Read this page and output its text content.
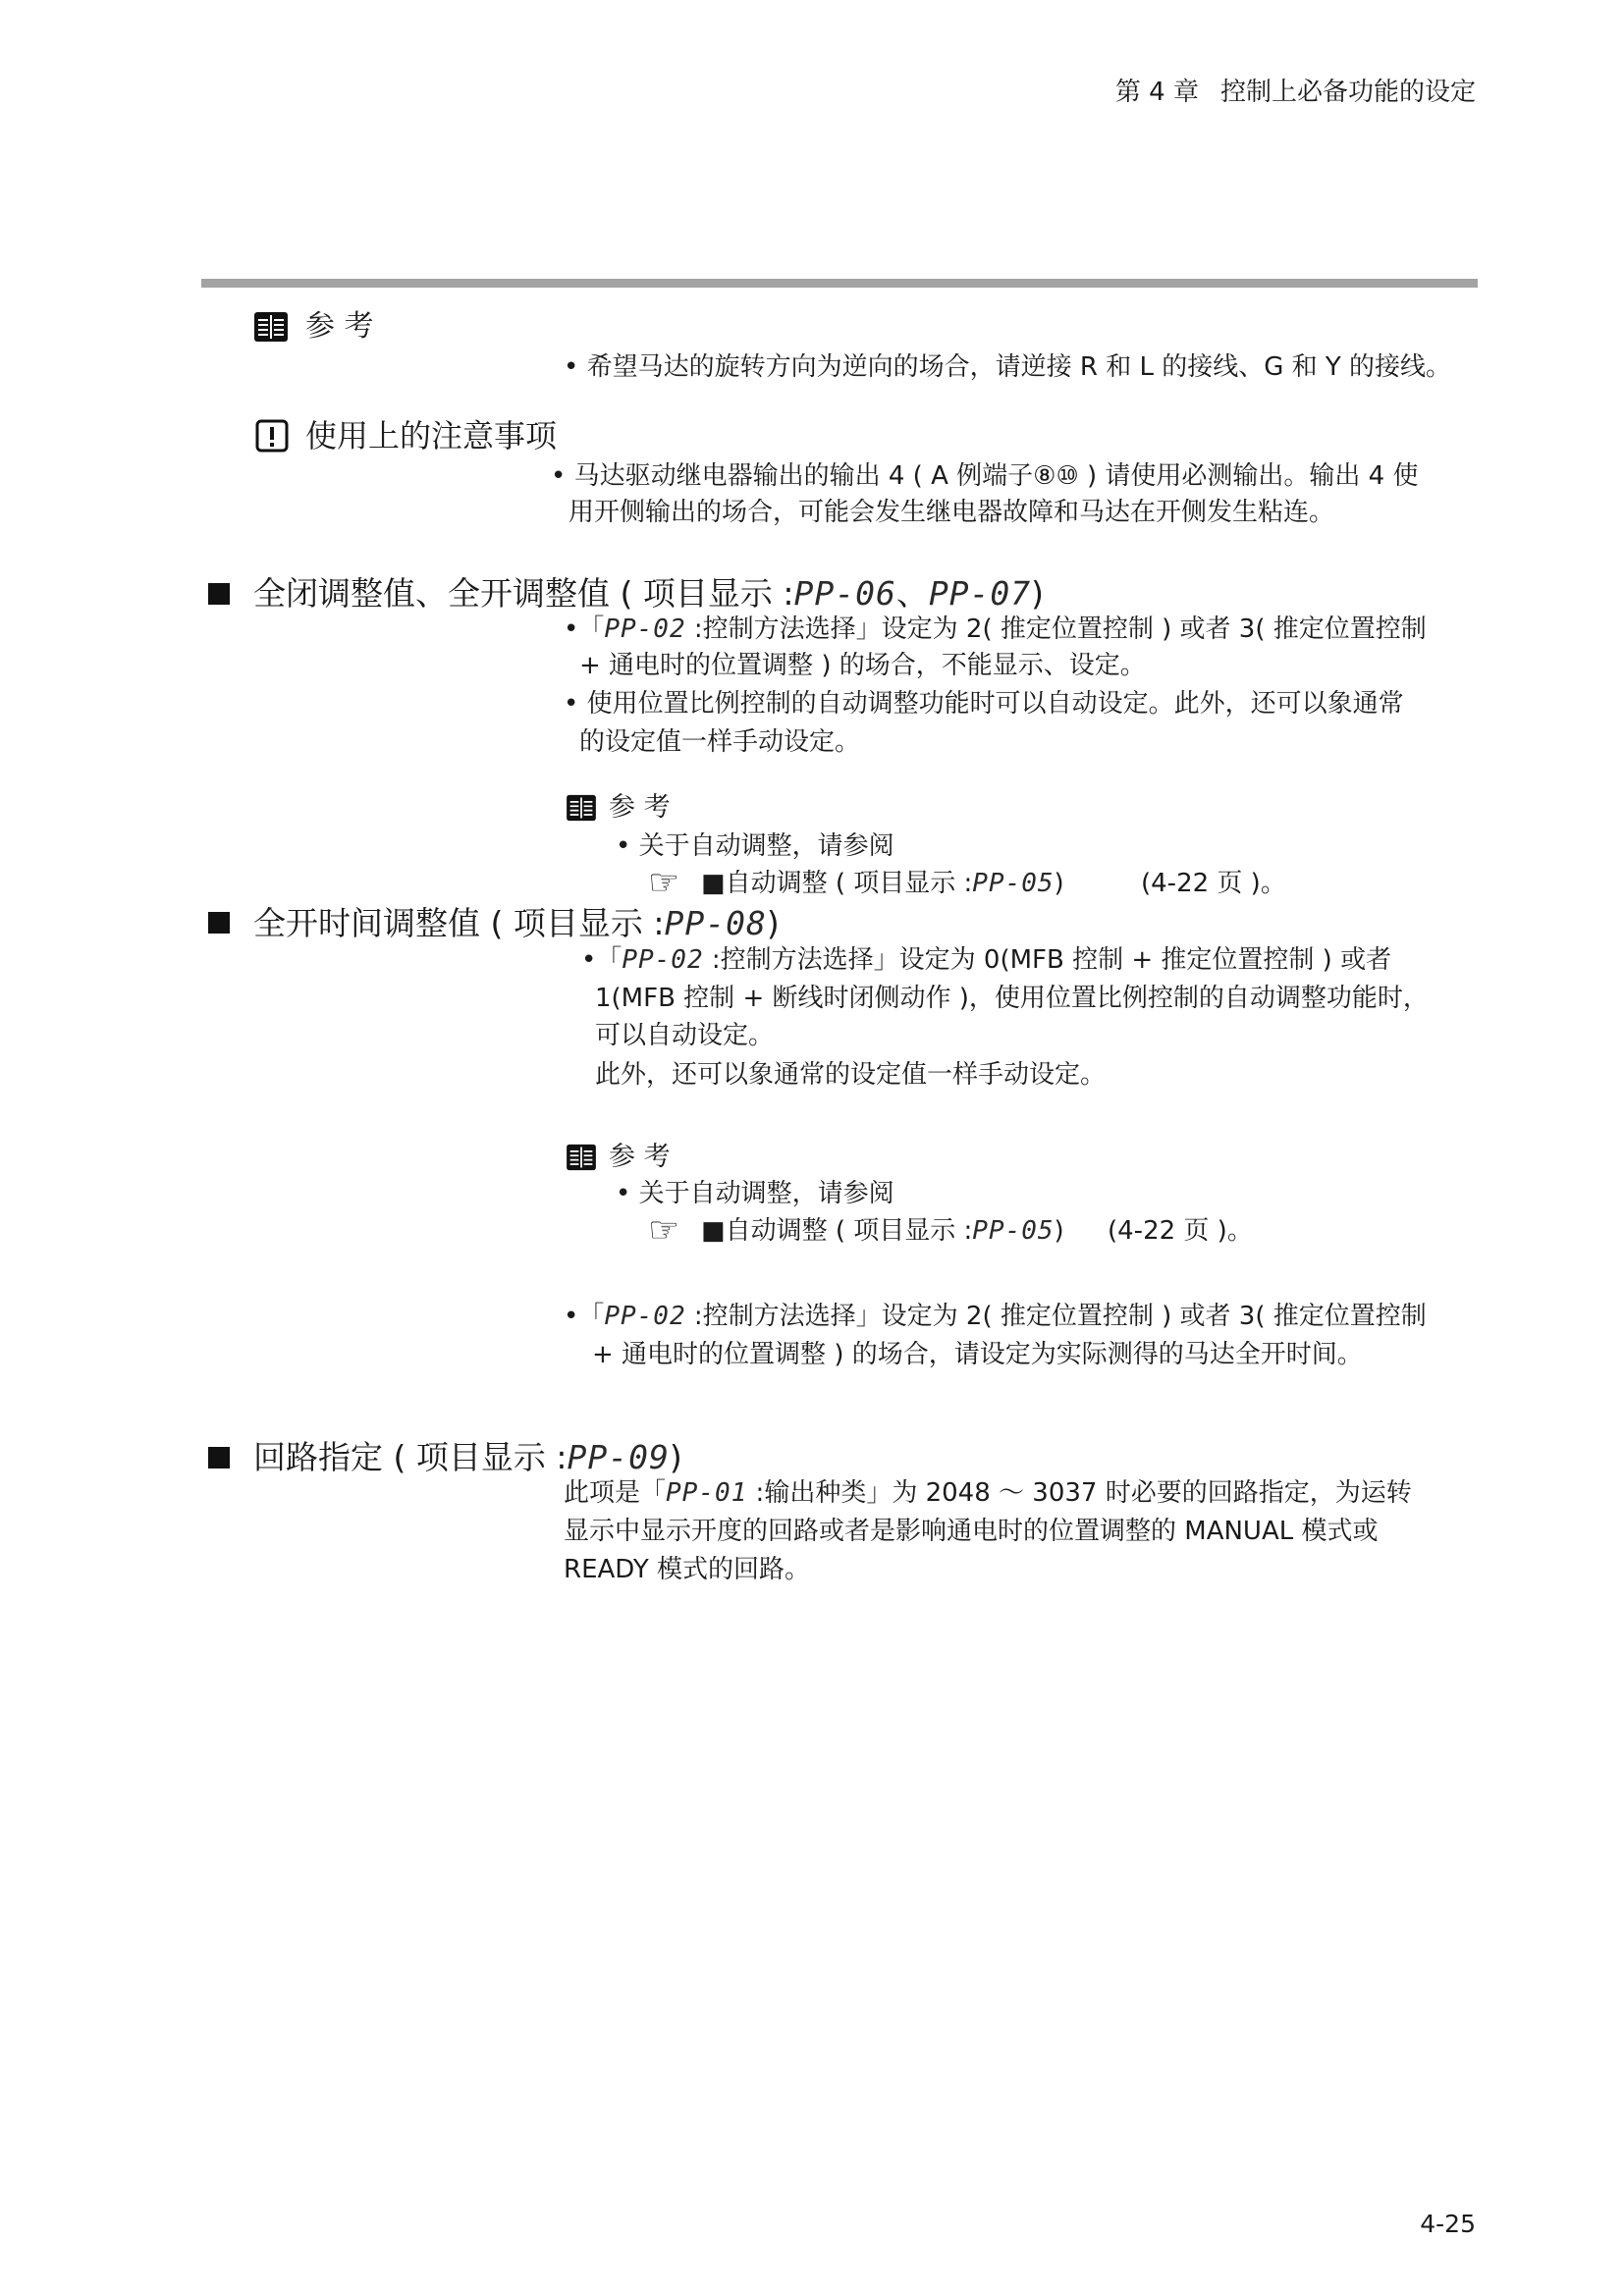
第 4 章 控制上必备功能的设定
参 考
• 希望马达的旋转方向为逆向的场合，请逆接 R 和 L 的接线、G 和 Y 的接线。
使用上的注意事项
• 马达驱动继电器输出的输出 4 ( A 例端子⑧⑩ ) 请使用必测输出。输出 4 使
用开侧输出的场合，可能会发生继电器故障和马达在开侧发生粘连。
全闭调整值、全开调整值 ( 项目显示 :PP-06、PP-07)
•「PP-02 :控制方法选择」设定为 2( 推定位置控制 ) 或者 3( 推定位置控制
+ 通电时的位置调整 ) 的场合，不能显示、设定。
• 使用位置比例控制的自动调整功能时可以自动设定。此外，还可以象通常
的设定值一样手动设定。
参 考
• 关于自动调整，请参阅
☞
■自动调整 ( 项目显示 :PP-05)	(4-22 页 )。
全开时间调整值 ( 项目显示 :PP-08)
•「PP-02 :控制方法选择」设定为 0(MFB 控制 + 推定位置控制 ) 或者
1(MFB 控制 + 断线时闭侧动作 )，使用位置比例控制的自动调整功能时，
可以自动设定。
此外，还可以象通常的设定值一样手动设定。
参 考
• 关于自动调整，请参阅
☞
■自动调整 ( 项目显示 :PP-05) (4-22 页 )。
•「PP-02 :控制方法选择」设定为 2( 推定位置控制 ) 或者 3( 推定位置控制
+ 通电时的位置调整 ) 的场合，请设定为实际测得的马达全开时间。
回路指定 ( 项目显示 :PP-09)
此项是「PP-01 :输出种类」为 2048 ～ 3037 时必要的回路指定，为运转
显示中显示开度的回路或者是影响通电时的位置调整的 MANUAL 模式或
READY 模式的回路。
4-25
